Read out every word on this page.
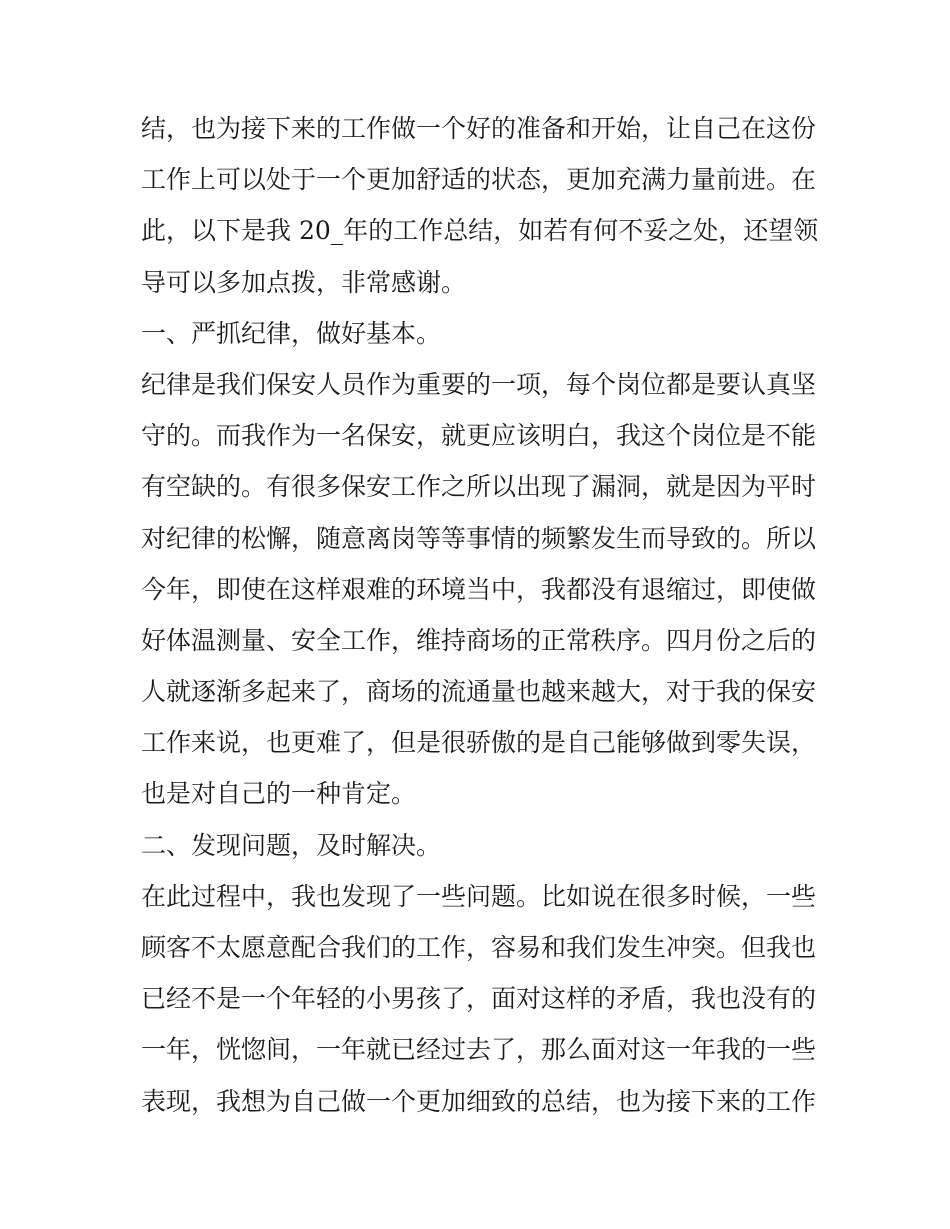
结，也为接下来的工作做一个好的准备和开始，让自己在这份
工作上可以处于一个更加舒适的状态，更加充满力量前进。在
此，以下是我 20_年的工作总结，如若有何不妥之处，还望领
导可以多加点拨，非常感谢。
一、严抓纪律，做好基本。
纪律是我们保安人员作为重要的一项，每个岗位都是要认真坚
守的。而我作为一名保安，就更应该明白，我这个岗位是不能
有空缺的。有很多保安工作之所以出现了漏洞，就是因为平时
对纪律的松懈，随意离岗等等事情的频繁发生而导致的。所以
今年，即使在这样艰难的环境当中，我都没有退缩过，即使做
好体温测量、安全工作，维持商场的正常秩序。四月份之后的
人就逐渐多起来了，商场的流通量也越来越大，对于我的保安
工作来说，也更难了，但是很骄傲的是自己能够做到零失误，
也是对自己的一种肯定。
二、发现问题，及时解决。
在此过程中，我也发现了一些问题。比如说在很多时候，一些
顾客不太愿意配合我们的工作，容易和我们发生冲突。但我也
已经不是一个年轻的小男孩了，面对这样的矛盾，我也没有的
一年，恍惚间，一年就已经过去了，那么面对这一年我的一些
表现，我想为自己做一个更加细致的总结，也为接下来的工作
